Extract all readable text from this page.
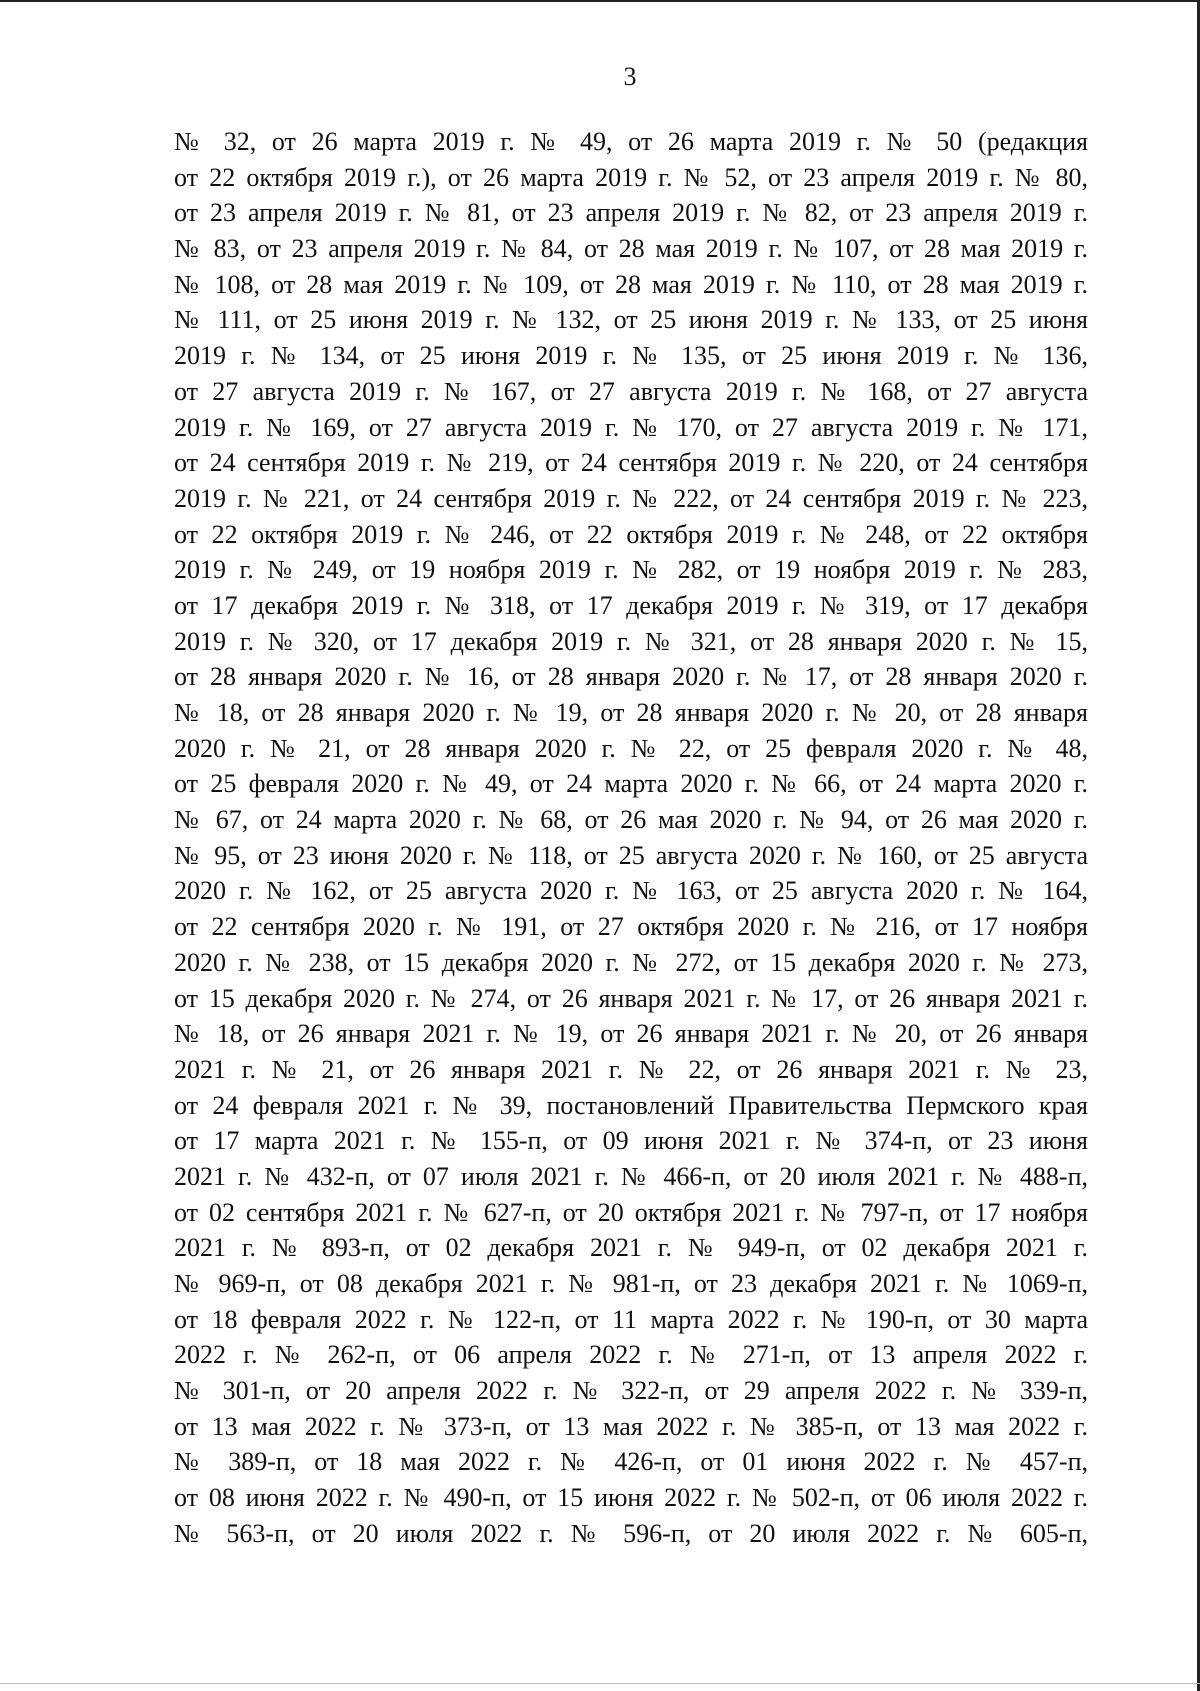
3
№ 32, от 26 марта 2019 г. № 49, от 26 марта 2019 г. № 50 (редакция
от 22 октября 2019 г.), от 26 марта 2019 г. № 52, от 23 апреля 2019 г. № 80,
от 23 апреля 2019 г. № 81, от 23 апреля 2019 г. № 82, от 23 апреля 2019 г.
№ 83, от 23 апреля 2019 г. № 84, от 28 мая 2019 г. № 107, от 28 мая 2019 г.
№ 108, от 28 мая 2019 г. № 109, от 28 мая 2019 г. № 110, от 28 мая 2019 г.
№ 111, от 25 июня 2019 г. № 132, от 25 июня 2019 г. № 133, от 25 июня
2019 г. № 134, от 25 июня 2019 г. № 135, от 25 июня 2019 г. № 136,
от 27 августа 2019 г. № 167, от 27 августа 2019 г. № 168, от 27 августа
2019 г. № 169, от 27 августа 2019 г. № 170, от 27 августа 2019 г. № 171,
от 24 сентября 2019 г. № 219, от 24 сентября 2019 г. № 220, от 24 сентября
2019 г. № 221, от 24 сентября 2019 г. № 222, от 24 сентября 2019 г. № 223,
от 22 октября 2019 г. № 246, от 22 октября 2019 г. № 248, от 22 октября
2019 г. № 249, от 19 ноября 2019 г. № 282, от 19 ноября 2019 г. № 283,
от 17 декабря 2019 г. № 318, от 17 декабря 2019 г. № 319, от 17 декабря
2019 г. № 320, от 17 декабря 2019 г. № 321, от 28 января 2020 г. № 15,
от 28 января 2020 г. № 16, от 28 января 2020 г. № 17, от 28 января 2020 г.
№ 18, от 28 января 2020 г. № 19, от 28 января 2020 г. № 20, от 28 января
2020 г. № 21, от 28 января 2020 г. № 22, от 25 февраля 2020 г. № 48,
от 25 февраля 2020 г. № 49, от 24 марта 2020 г. № 66, от 24 марта 2020 г.
№ 67, от 24 марта 2020 г. № 68, от 26 мая 2020 г. № 94, от 26 мая 2020 г.
№ 95, от 23 июня 2020 г. № 118, от 25 августа 2020 г. № 160, от 25 августа
2020 г. № 162, от 25 августа 2020 г. № 163, от 25 августа 2020 г. № 164,
от 22 сентября 2020 г. № 191, от 27 октября 2020 г. № 216, от 17 ноября
2020 г. № 238, от 15 декабря 2020 г. № 272, от 15 декабря 2020 г. № 273,
от 15 декабря 2020 г. № 274, от 26 января 2021 г. № 17, от 26 января 2021 г.
№ 18, от 26 января 2021 г. № 19, от 26 января 2021 г. № 20, от 26 января
2021 г. № 21, от 26 января 2021 г. № 22, от 26 января 2021 г. № 23,
от 24 февраля 2021 г. № 39, постановлений Правительства Пермского края
от 17 марта 2021 г. № 155-п, от 09 июня 2021 г. № 374-п, от 23 июня
2021 г. № 432-п, от 07 июля 2021 г. № 466-п, от 20 июля 2021 г. № 488-п,
от 02 сентября 2021 г. № 627-п, от 20 октября 2021 г. № 797-п, от 17 ноября
2021 г. № 893-п, от 02 декабря 2021 г. № 949-п, от 02 декабря 2021 г.
№ 969-п, от 08 декабря 2021 г. № 981-п, от 23 декабря 2021 г. № 1069-п,
от 18 февраля 2022 г. № 122-п, от 11 марта 2022 г. № 190-п, от 30 марта
2022 г. № 262-п, от 06 апреля 2022 г. № 271-п, от 13 апреля 2022 г.
№ 301-п, от 20 апреля 2022 г. № 322-п, от 29 апреля 2022 г. № 339-п,
от 13 мая 2022 г. № 373-п, от 13 мая 2022 г. № 385-п, от 13 мая 2022 г.
№ 389-п, от 18 мая 2022 г. № 426-п, от 01 июня 2022 г. № 457-п,
от 08 июня 2022 г. № 490-п, от 15 июня 2022 г. № 502-п, от 06 июля 2022 г.
№ 563-п, от 20 июля 2022 г. № 596-п, от 20 июля 2022 г. № 605-п,
